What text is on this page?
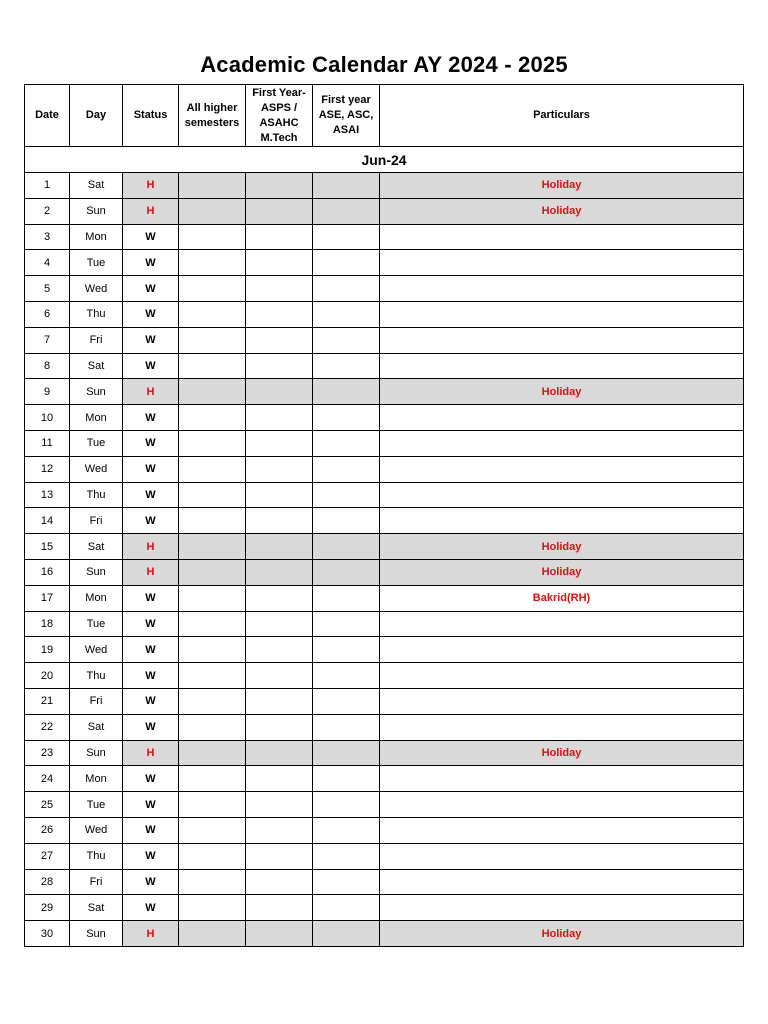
Academic Calendar AY 2024 - 2025
Date	Day	Status	All higher semesters	First Year-ASPS / ASAHC M.Tech	First year ASE, ASC, ASAI	Particulars
Jun-24						
1	Sat	H				Holiday
2	Sun	H				Holiday
3	Mon	W				
4	Tue	W				
5	Wed	W				
6	Thu	W				
7	Fri	W				
8	Sat	W				
9	Sun	H				Holiday
10	Mon	W				
11	Tue	W				
12	Wed	W				
13	Thu	W				
14	Fri	W				
15	Sat	H				Holiday
16	Sun	H				Holiday
17	Mon	W				Bakrid(RH)
18	Tue	W				
19	Wed	W				
20	Thu	W				
21	Fri	W				
22	Sat	W				
23	Sun	H				Holiday
24	Mon	W				
25	Tue	W				
26	Wed	W				
27	Thu	W				
28	Fri	W				
29	Sat	W				
30	Sun	H				Holiday
